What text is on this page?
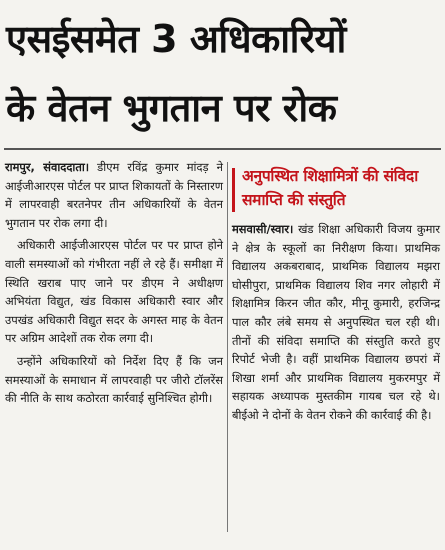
एसईसमेत 3 अधिकारियों
के वेतन भुगतान पर रोक

रामपुर, संवाददाता। डीएम रविंद्र कुमार मांदड़ ने आईजीआरएस पोर्टल पर प्राप्त शिकायतों के निस्तारण में लापरवाही बरतनेपर तीन अधिकारियों के वेतन भुगतान पर रोक लगा दी।

अधिकारी आईजीआरएस पोर्टल पर पर प्राप्त होने वाली समस्याओं को गंभीरता नहीं ले रहे हैं। समीक्षा में स्थिति खराब पाए जाने पर डीएम ने अधीक्षण अभियंता विद्युत, खंड विकास अधिकारी स्वार और उपखंड अधिकारी विद्युत सदर के अगस्त माह के वेतन पर अग्रिम आदेशों तक रोक लगा दी।

उन्होंने अधिकारियों को निर्देश दिए हैं कि जन समस्याओं के समाधान में लापरवाही पर जीरो टॉलरेंस की नीति के साथ कठोरता कार्रवाई सुनिश्चित होगी।

अनुपस्थित शिक्षामित्रों की संविदा समाप्ति की संस्तुति

मसवासी/स्वार। खंड शिक्षा अधिकारी विजय कुमार ने क्षेत्र के स्कूलों का निरीक्षण किया। प्राथमिक विद्यालय अकबराबाद, प्राथमिक विद्यालय मझरा घोसीपुरा, प्राथमिक विद्यालय शिव नगर लोहारी में शिक्षामित्र किरन जीत कौर, मीनू कुमारी, हरजिन्द्र पाल कौर लंबे समय से अनुपस्थित चल रही थी। तीनों की संविदा समाप्ति की संस्तुति करते हुए रिपोर्ट भेजी है। वहीं प्राथमिक विद्यालय छपरां में शिखा शर्मा और प्राथमिक विद्यालय मुकरमपुर में सहायक अध्यापक मुस्तकीम गायब चल रहे थे। बीईओ ने दोनों के वेतन रोकने की कार्रवाई की है।
